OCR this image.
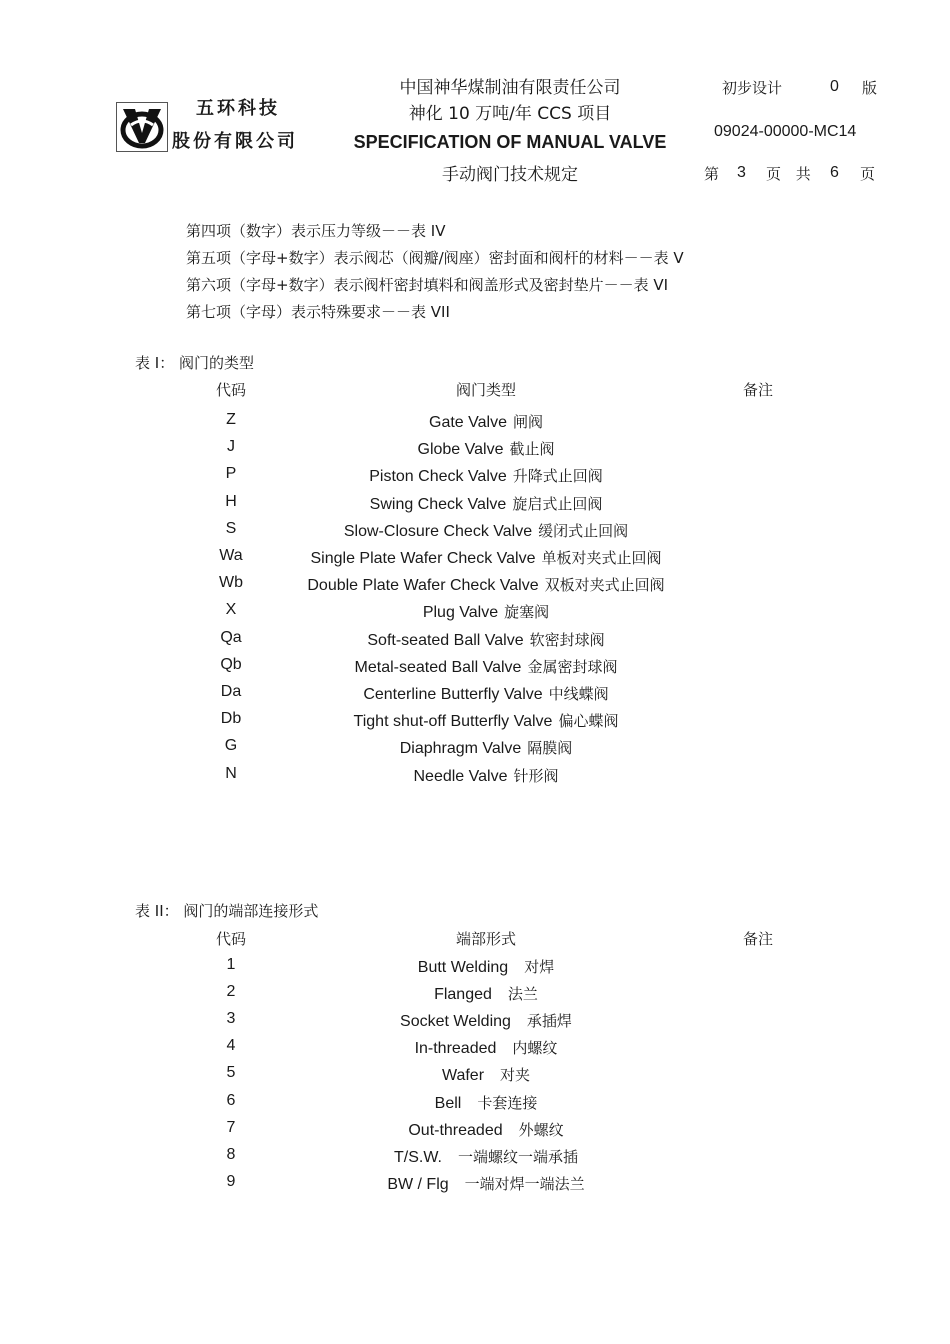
五环科技
股份有限公司
中国神华煤制油有限责任公司
神化 10 万吨/年 CCS 项目
SPECIFICATION OF MANUAL VALVE
手动阀门技术规定
初步设计	0 版
09024-00000-MC14
第 3 页 共 6 页
第四项（数字）表示压力等级－－表 IV
第五项（字母+数字）表示阀芯（阀瓣/阀座）密封面和阀杆的材料－－表 V
第六项（字母+数字）表示阀杆密封填料和阀盖形式及密封垫片－－表 VI
第七项（字母）表示特殊要求－－表 VII
表 I： 阀门的类型
代码	阀门类型	备注
Z	Gate Valve 闸阀
J	Globe Valve 截止阀
P	Piston Check Valve 升降式止回阀
H	Swing Check Valve 旋启式止回阀
S	Slow-Closure Check Valve 缓闭式止回阀
Wa	Single Plate Wafer Check Valve 单板对夹式止回阀
Wb	Double Plate Wafer Check Valve 双板对夹式止回阀
X	Plug Valve 旋塞阀
Qa	Soft-seated Ball Valve 软密封球阀
Qb	Metal-seated Ball Valve 金属密封球阀
Da	Centerline Butterfly Valve 中线蝶阀
Db	Tight shut-off Butterfly Valve 偏心蝶阀
G	Diaphragm Valve 隔膜阀
N	Needle Valve 针形阀
表 II： 阀门的端部连接形式
代码	端部形式	备注
1	Butt Welding 对焊
2	Flanged 法兰
3	Socket Welding 承插焊
4	In-threaded 内螺纹
5	Wafer 对夹
6	Bell 卡套连接
7	Out-threaded 外螺纹
8	T/S.W. 一端螺纹一端承插
9	BW / Flg 一端对焊一端法兰
